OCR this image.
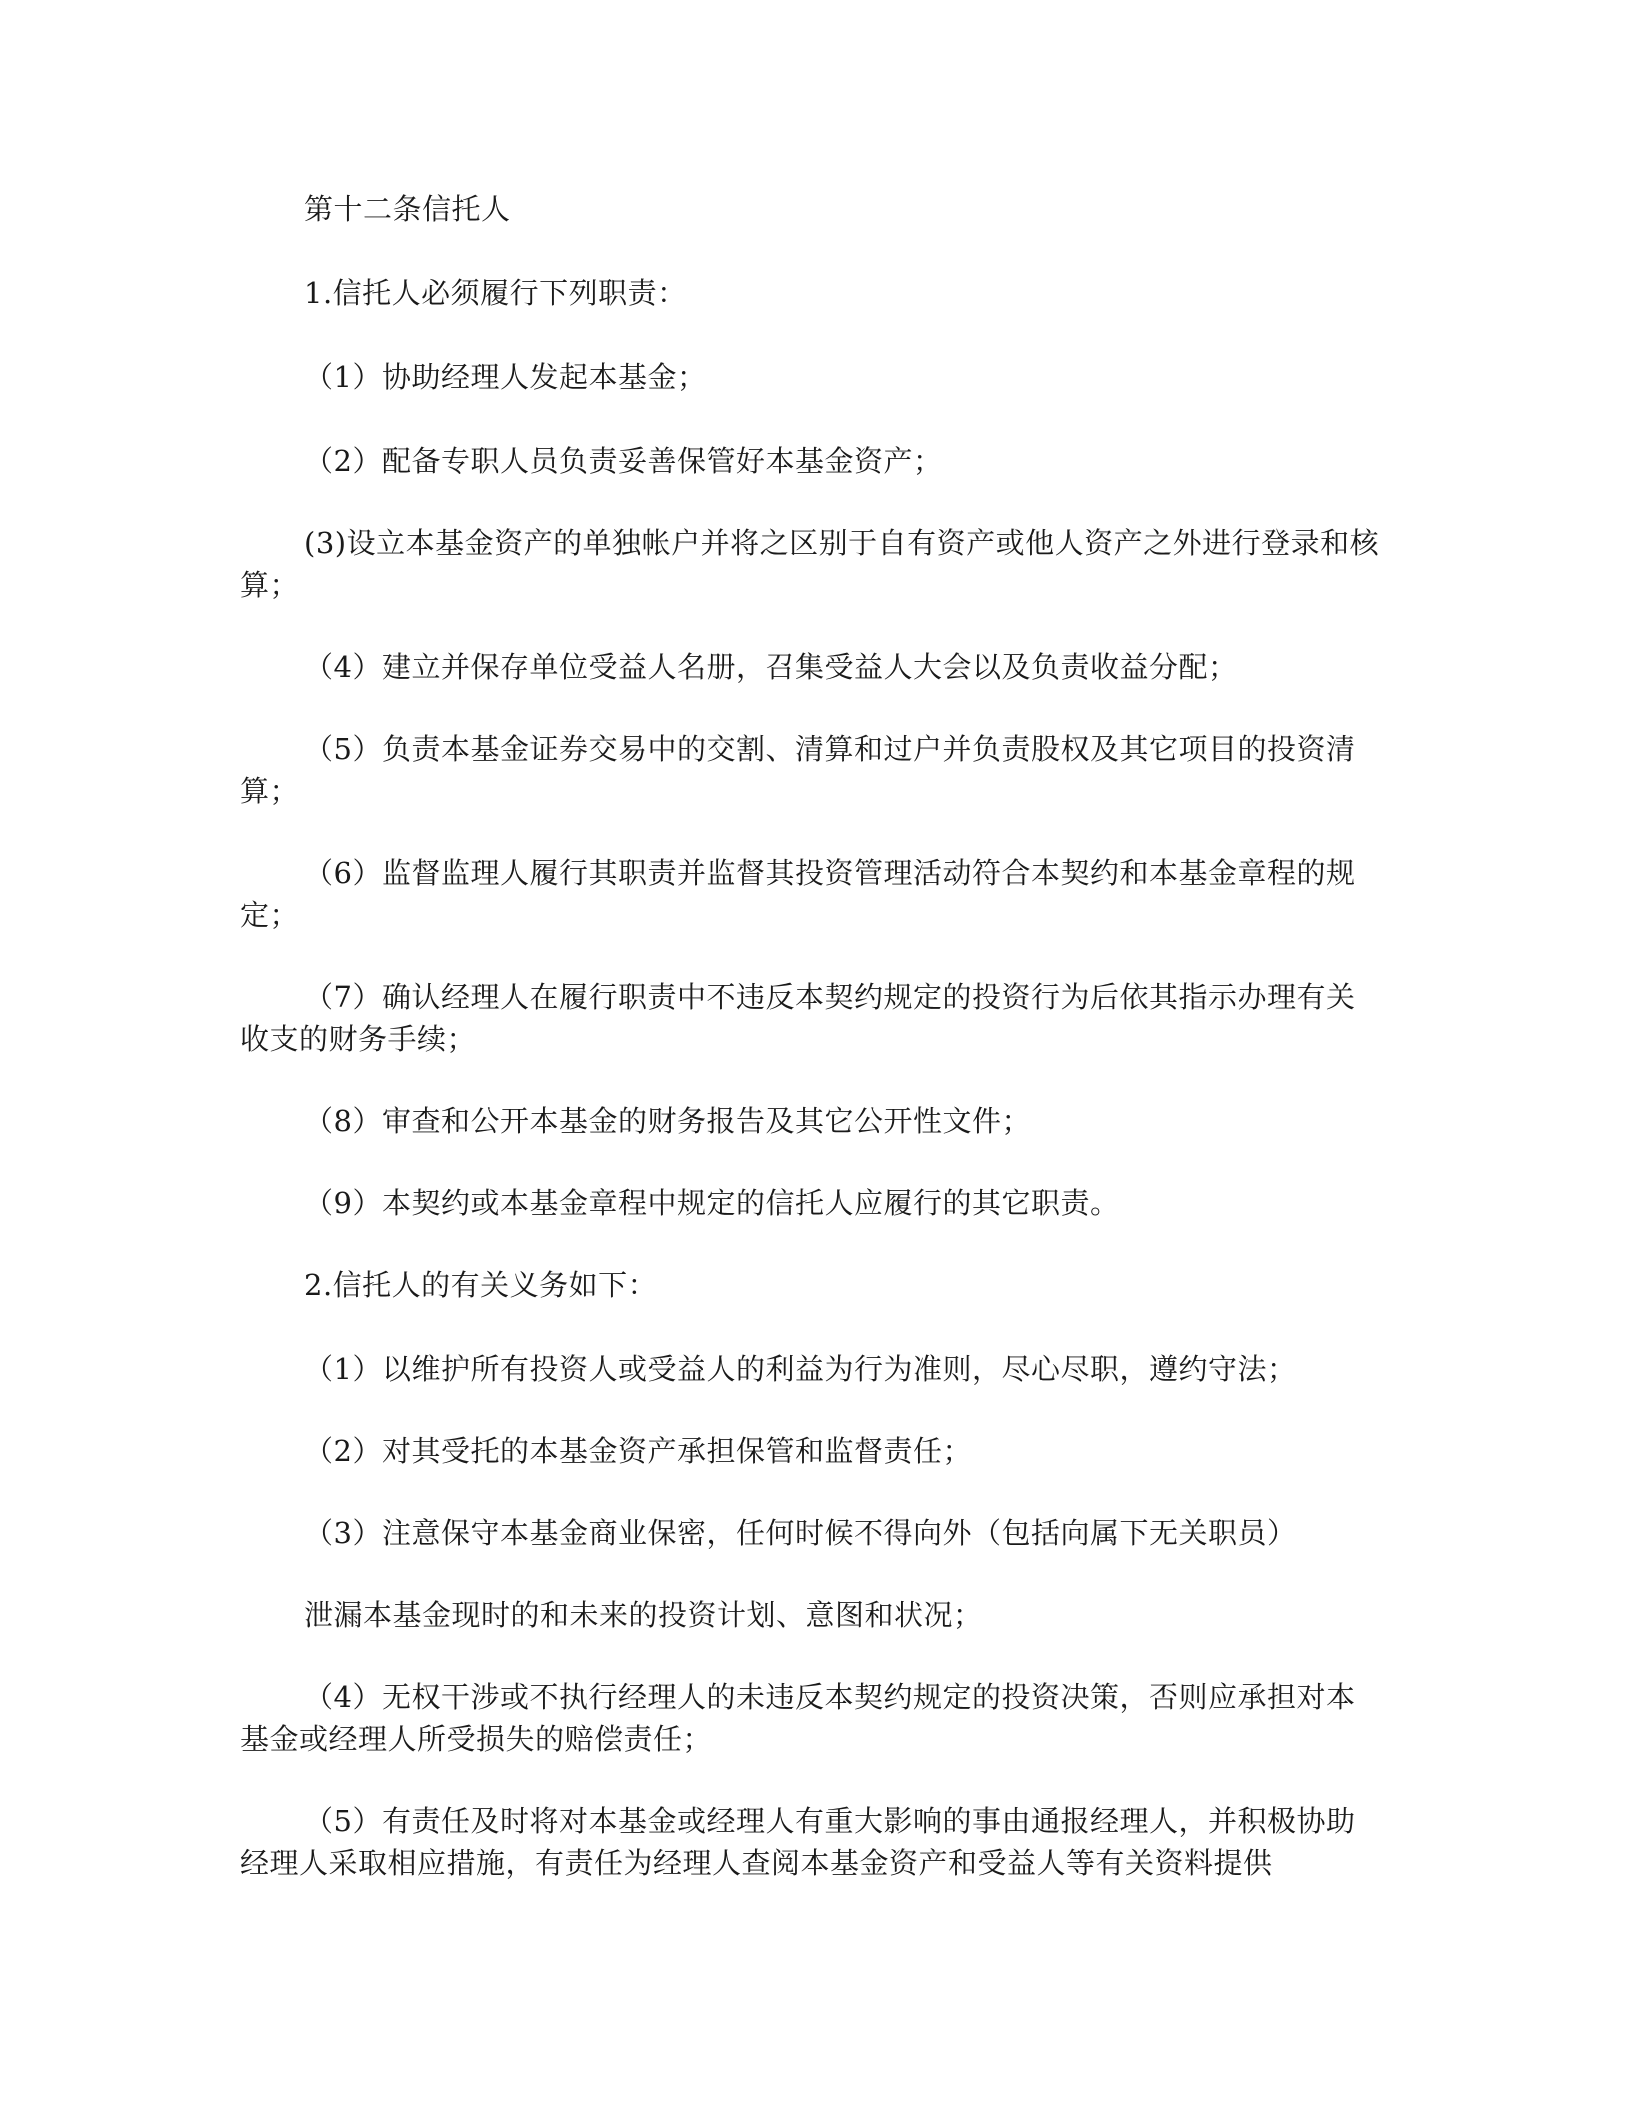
第十二条信托人

1.信托人必须履行下列职责：

（1）协助经理人发起本基金；

（2）配备专职人员负责妥善保管好本基金资产；

(3)设立本基金资产的单独帐户并将之区别于自有资产或他人资产之外进行登录和核算；

（4）建立并保存单位受益人名册，召集受益人大会以及负责收益分配；

（5）负责本基金证券交易中的交割、清算和过户并负责股权及其它项目的投资清算；

（6）监督监理人履行其职责并监督其投资管理活动符合本契约和本基金章程的规定；

（7）确认经理人在履行职责中不违反本契约规定的投资行为后依其指示办理有关收支的财务手续；

（8）审查和公开本基金的财务报告及其它公开性文件；

（9）本契约或本基金章程中规定的信托人应履行的其它职责。

2.信托人的有关义务如下：

（1）以维护所有投资人或受益人的利益为行为准则，尽心尽职，遵约守法；

（2）对其受托的本基金资产承担保管和监督责任；

（3）注意保守本基金商业保密，任何时候不得向外（包括向属下无关职员）

泄漏本基金现时的和未来的投资计划、意图和状况；

（4）无权干涉或不执行经理人的未违反本契约规定的投资决策，否则应承担对本基金或经理人所受损失的赔偿责任；

（5）有责任及时将对本基金或经理人有重大影响的事由通报经理人，并积极协助经理人采取相应措施，有责任为经理人查阅本基金资产和受益人等有关资料提供
